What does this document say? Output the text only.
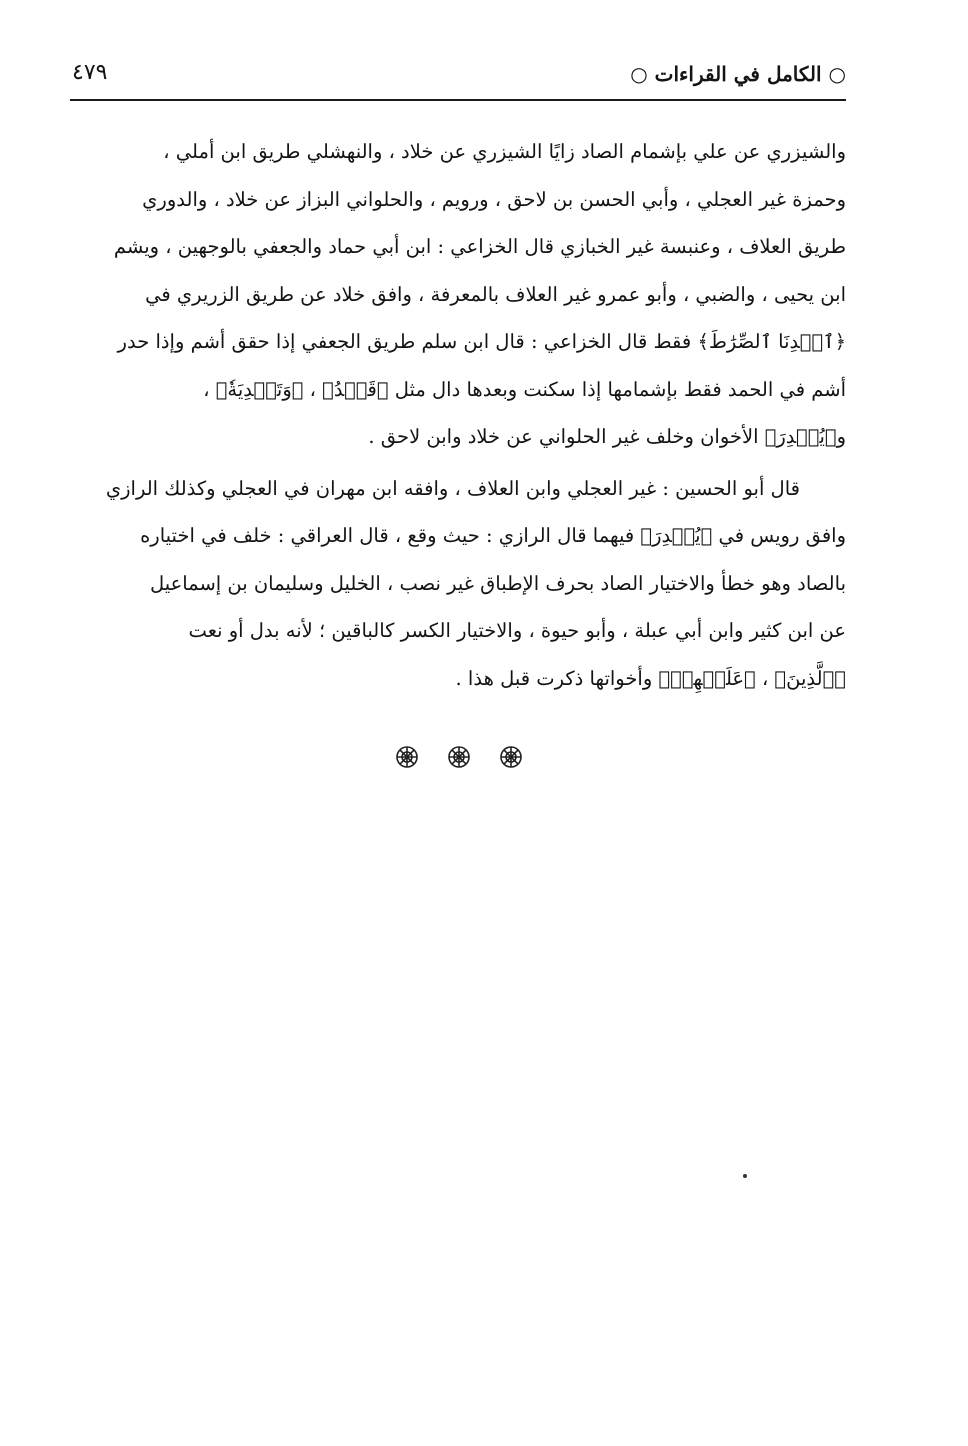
○ الكامل في القراءات ○
٤٧٩
والشيزري عن علي بإشمام الصاد زايًا الشيزري عن خلاد ، والنهشلي طريق ابن أملي ،
وحمزة غير العجلي ، وأبي الحسن بن لاحق ، ورويم ، والحلواني البزاز عن خلاد ، والدوري
طريق العلاف ، وعنبسة غير الخبازي قال الخزاعي : ابن أبي حماد والجعفي بالوجهين ، ويشم
ابن يحيى ، والضبي ، وأبو عمرو غير العلاف بالمعرفة ، وافق خلاد عن طريق الزريري في
﴿ٱهۡدِنَا ٱلصِّرَٰطَ﴾ فقط قال الخزاعي : قال ابن سلم طريق الجعفي إذا حقق أشم وإذا حدر
أشم في الحمد فقط بإشمامها إذا سكنت وبعدها دال مثل ﴿قَصۡدُ﴾ ، ﴿وَتَصۡدِيَةٗ﴾ ،
و﴿يُصۡدِرَ﴾ الأخوان وخلف غير الحلواني عن خلاد وابن لاحق .
قال أبو الحسين : غير العجلي وابن العلاف ، وافقه ابن مهران في العجلي وكذلك الرازي
وافق رويس في ﴿يُصۡدِرَ﴾ فيهما قال الرازي : حيث وقع ، قال العراقي : خلف في اختياره
بالصاد وهو خطأ والاختيار الصاد بحرف الإطباق غير نصب ، الخليل وسليمان بن إسماعيل
عن ابن كثير وابن أبي عبلة ، وأبو حيوة ، والاختيار الكسر كالباقين ؛ لأنه بدل أو نعت
﴿ٱلَّذِينَ﴾ ، ﴿عَلَيۡهِمۡ﴾ وأخواتها ذكرت قبل هذا .
